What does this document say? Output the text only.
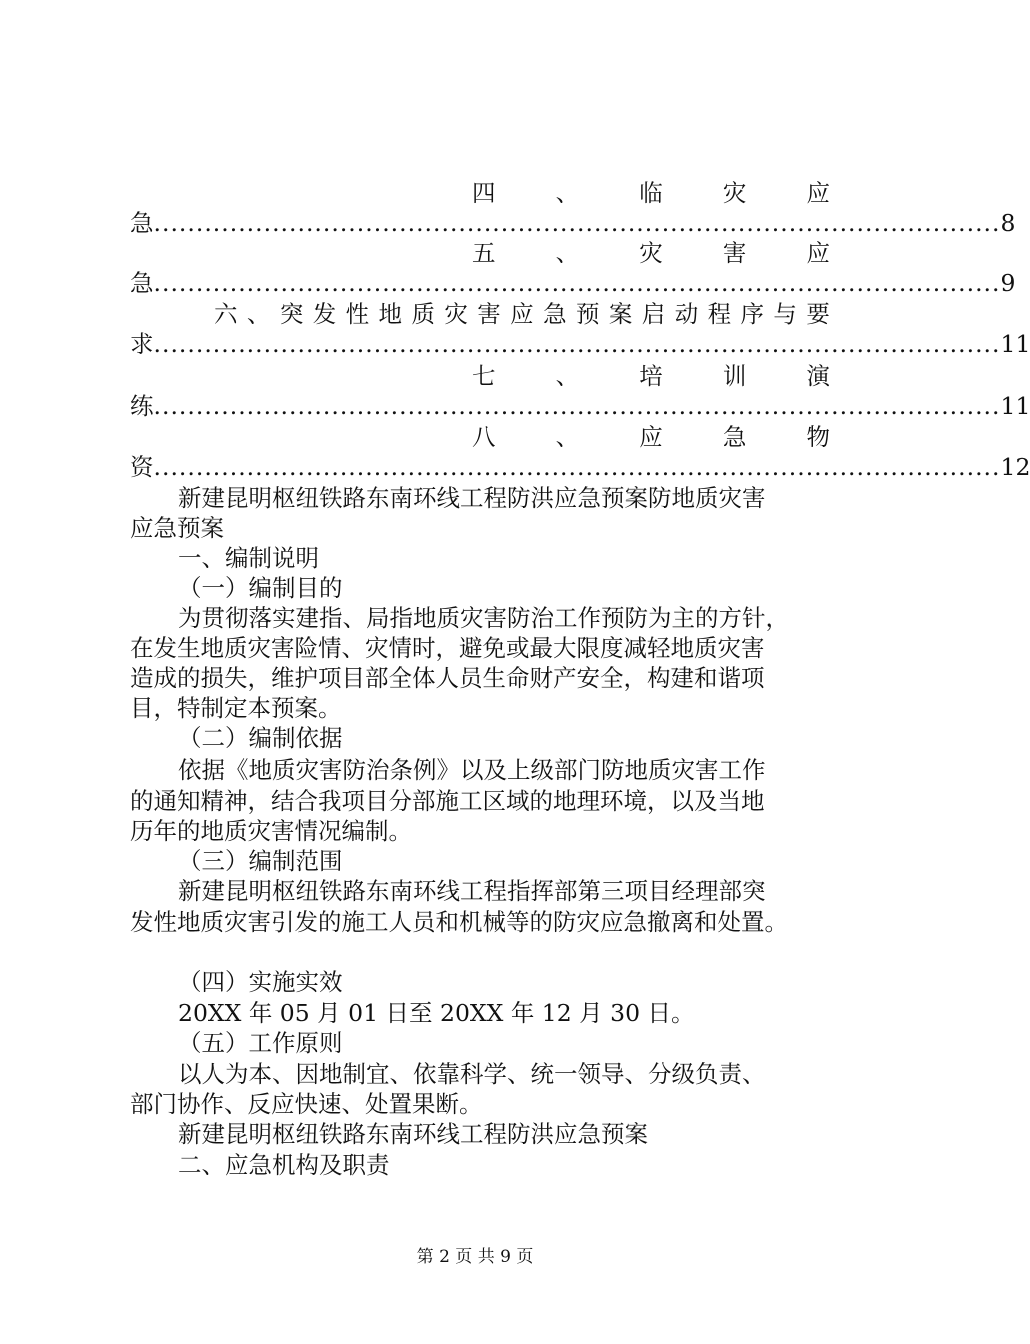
四	、	临	灾	应
急 .................................................................................................... 8
五	、	灾	害	应
急 .................................................................................................... 9
六 、 突 发 性 地 质 灾 害 应 急 预 案 启 动 程 序 与 要
求 .................................................................................................... 11
七	、	培	训	演
练 .................................................................................................... 11
八	、	应	急	物
资 .................................................................................................... 12
新建昆明枢纽铁路东南环线工程防洪应急预案防地质灾害
应急预案
一、编制说明
（一）编制目的
为贯彻落实建指、局指地质灾害防治工作预防为主的方针，
在发生地质灾害险情、灾情时，避免或最大限度减轻地质灾害
造成的损失，维护项目部全体人员生命财产安全，构建和谐项
目，特制定本预案。
（二）编制依据
依据《地质灾害防治条例》以及上级部门防地质灾害工作
的通知精神，结合我项目分部施工区域的地理环境，以及当地
历年的地质灾害情况编制。
（三）编制范围
新建昆明枢纽铁路东南环线工程指挥部第三项目经理部突
发性地质灾害引发的施工人员和机械等的防灾应急撤离和处置。
（四）实施实效
20XX 年 05 月 01 日至 20XX 年 12 月 30 日。
（五）工作原则
以人为本、因地制宜、依靠科学、统一领导、分级负责、
部门协作、反应快速、处置果断。
新建昆明枢纽铁路东南环线工程防洪应急预案
二、应急机构及职责
第 2 页 共 9 页
